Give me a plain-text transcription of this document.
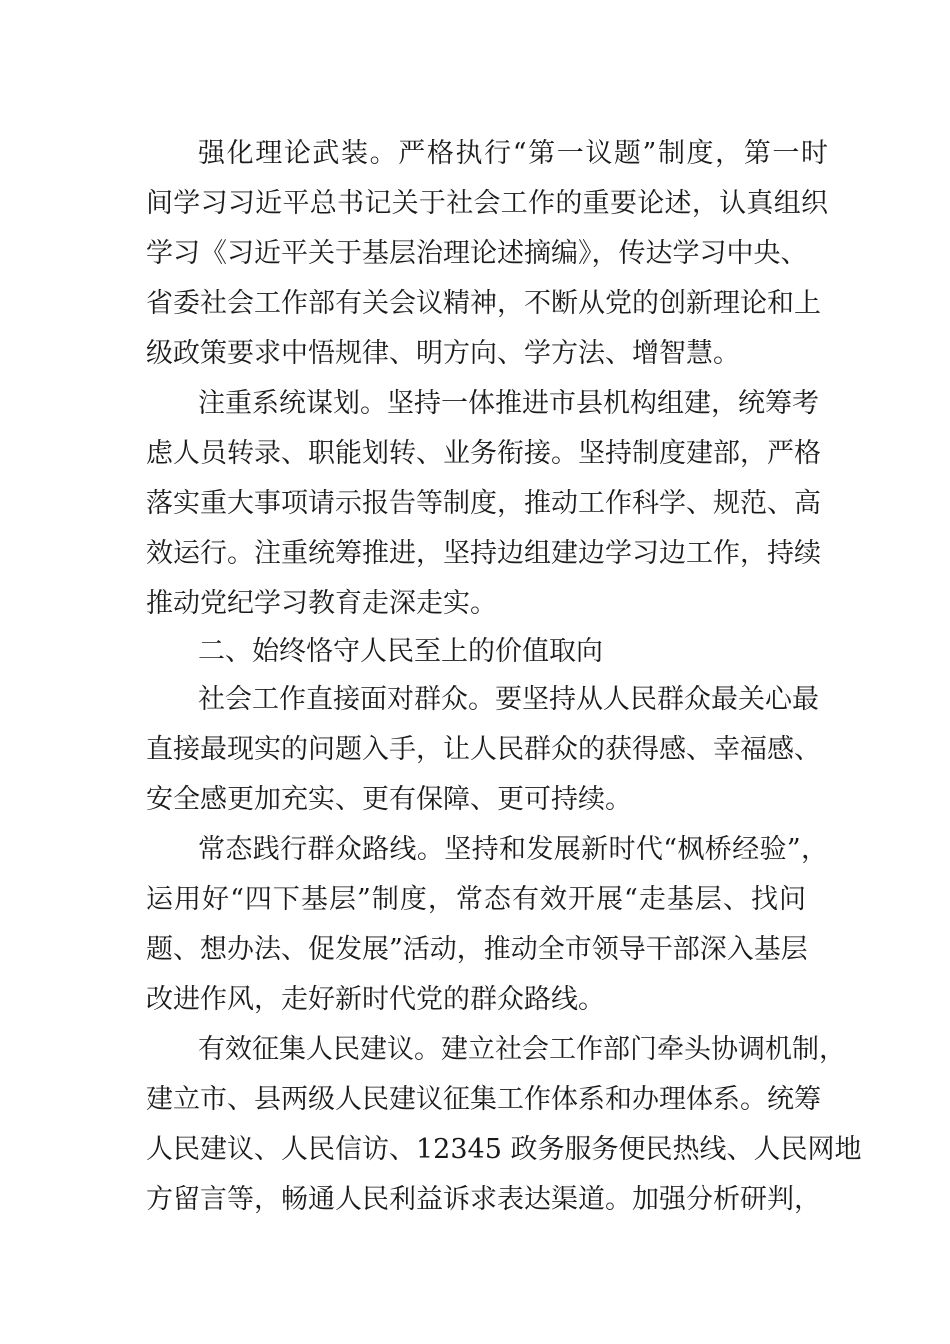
强化理论武装。严格执行“第一议题”制度，第一时
间学习习近平总书记关于社会工作的重要论述，认真组织
学习《习近平关于基层治理论述摘编》，传达学习中央、
省委社会工作部有关会议精神，不断从党的创新理论和上
级政策要求中悟规律、明方向、学方法、增智慧。
注重系统谋划。坚持一体推进市县机构组建，统筹考
虑人员转录、职能划转、业务衔接。坚持制度建部，严格
落实重大事项请示报告等制度，推动工作科学、规范、高
效运行。注重统筹推进，坚持边组建边学习边工作，持续
推动党纪学习教育走深走实。
二、始终恪守人民至上的价值取向
社会工作直接面对群众。要坚持从人民群众最关心最
直接最现实的问题入手，让人民群众的获得感、幸福感、
安全感更加充实、更有保障、更可持续。
常态践行群众路线。坚持和发展新时代“枫桥经验”，
运用好“四下基层”制度，常态有效开展“走基层、找问
题、想办法、促发展”活动，推动全市领导干部深入基层
改进作风，走好新时代党的群众路线。
有效征集人民建议。建立社会工作部门牵头协调机制，
建立市、县两级人民建议征集工作体系和办理体系。统筹
人民建议、人民信访、12345 政务服务便民热线、人民网地
方留言等，畅通人民利益诉求表达渠道。加强分析研判，
